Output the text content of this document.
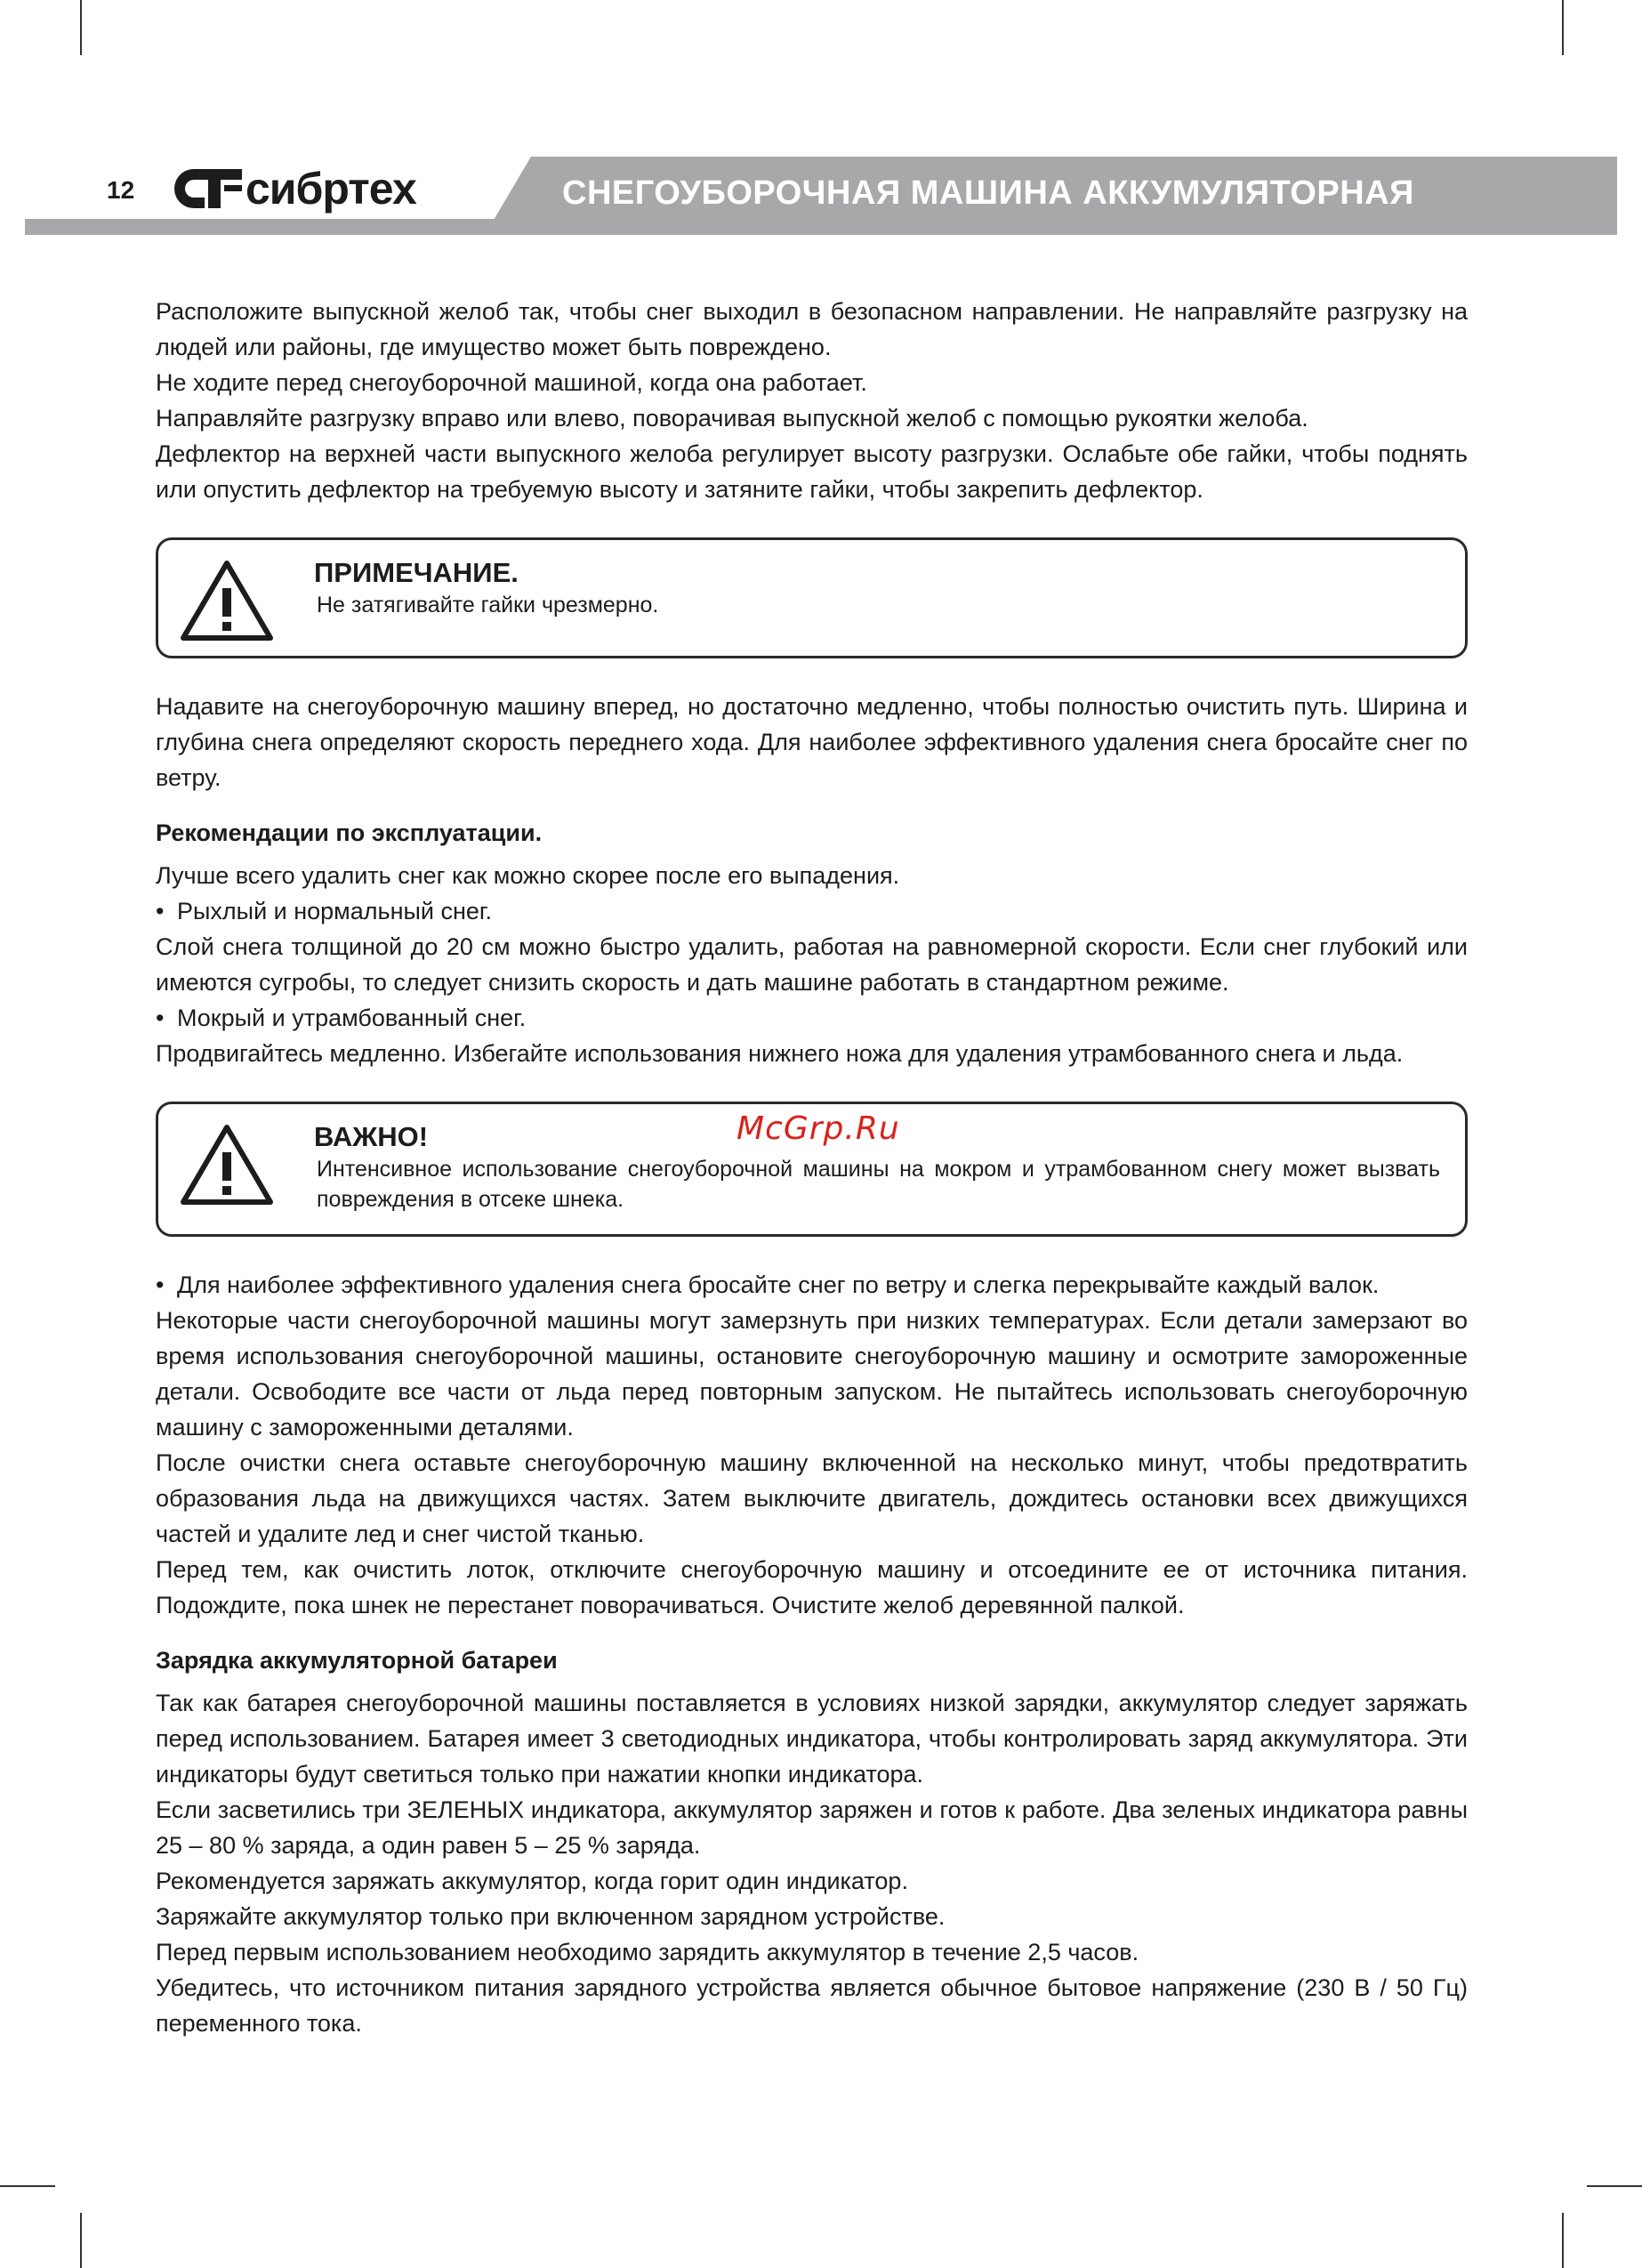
12 сибртех	СНЕГОУБОРОЧНАЯ МАШИНА АККУМУЛЯТОРНАЯ
McGrp.Ru

Расположите выпускной желоб так, чтобы снег выходил в безопасном направлении. Не направляйте разгрузку на людей или районы, где имущество может быть повреждено.

Не ходите перед снегоуборочной машиной, когда она работает.

Направляйте разгрузку вправо или влево, поворачивая выпускной желоб с помощью рукоятки желоба.

Дефлектор на верхней части выпускного желоба регулирует высоту разгрузки. Ослабьте обе гайки, чтобы поднять или опустить дефлектор на требуемую высоту и затяните гайки, чтобы закрепить дефлектор.

ПРИМЕЧАНИЕ.
Не затягивайте гайки чрезмерно.

Надавите на снегоуборочную машину вперед, но достаточно медленно, чтобы полностью очистить путь. Ширина и глубина снега определяют скорость переднего хода. Для наиболее эффективного удаления снега бросайте снег по ветру.

Рекомендации по эксплуатации.

Лучше всего удалить снег как можно скорее после его выпадения.

• Рыхлый и нормальный снег.

Слой снега толщиной до 20 см можно быстро удалить, работая на равномерной скорости. Если снег глубокий или имеются сугробы, то следует снизить скорость и дать машине работать в стандартном режиме.

• Мокрый и утрамбованный снег.

Продвигайтесь медленно. Избегайте использования нижнего ножа для удаления утрамбованного снега и льда.

ВАЖНО!
Интенсивное использование снегоуборочной машины на мокром и утрамбованном снегу может вызвать повреждения в отсеке шнека.
• Для наиболее эффективного удаления снега бросайте снег по ветру и слегка перекрывайте каждый валок.

Некоторые части снегоуборочной машины могут замерзнуть при низких температурах. Если детали замерзают во время использования снегоуборочной машины, остановите снегоуборочную машину и осмотрите замороженные детали. Освободите все части от льда перед повторным запуском. Не пытайтесь использовать снегоуборочную машину с замороженными деталями.

После очистки снега оставьте снегоуборочную машину включенной на несколько минут, чтобы предотвратить образования льда на движущихся частях. Затем выключите двигатель, дождитесь остановки всех движущихся частей и удалите лед и снег чистой тканью.

Перед тем, как очистить лоток, отключите снегоуборочную машину и отсоедините ее от источника питания. Подождите, пока шнек не перестанет поворачиваться. Очистите желоб деревянной палкой.

Зарядка аккумуляторной батареи

Так как батарея снегоуборочной машины поставляется в условиях низкой зарядки, аккумулятор следует заряжать перед использованием. Батарея имеет 3 светодиодных индикатора, чтобы контролировать заряд аккумулятора. Эти индикаторы будут светиться только при нажатии кнопки индикатора.

Если засветились три ЗЕЛЕНЫХ индикатора, аккумулятор заряжен и готов к работе. Два зеленых индикатора равны 25 – 80 % заряда, а один равен 5 – 25 % заряда.

Рекомендуется заряжать аккумулятор, когда горит один индикатор.

Заряжайте аккумулятор только при включенном зарядном устройстве.

Перед первым использованием необходимо зарядить аккумулятор в течение 2,5 часов.

Убедитесь, что источником питания зарядного устройства является обычное бытовое напряжение (230 В / 50 Гц) переменного тока.
